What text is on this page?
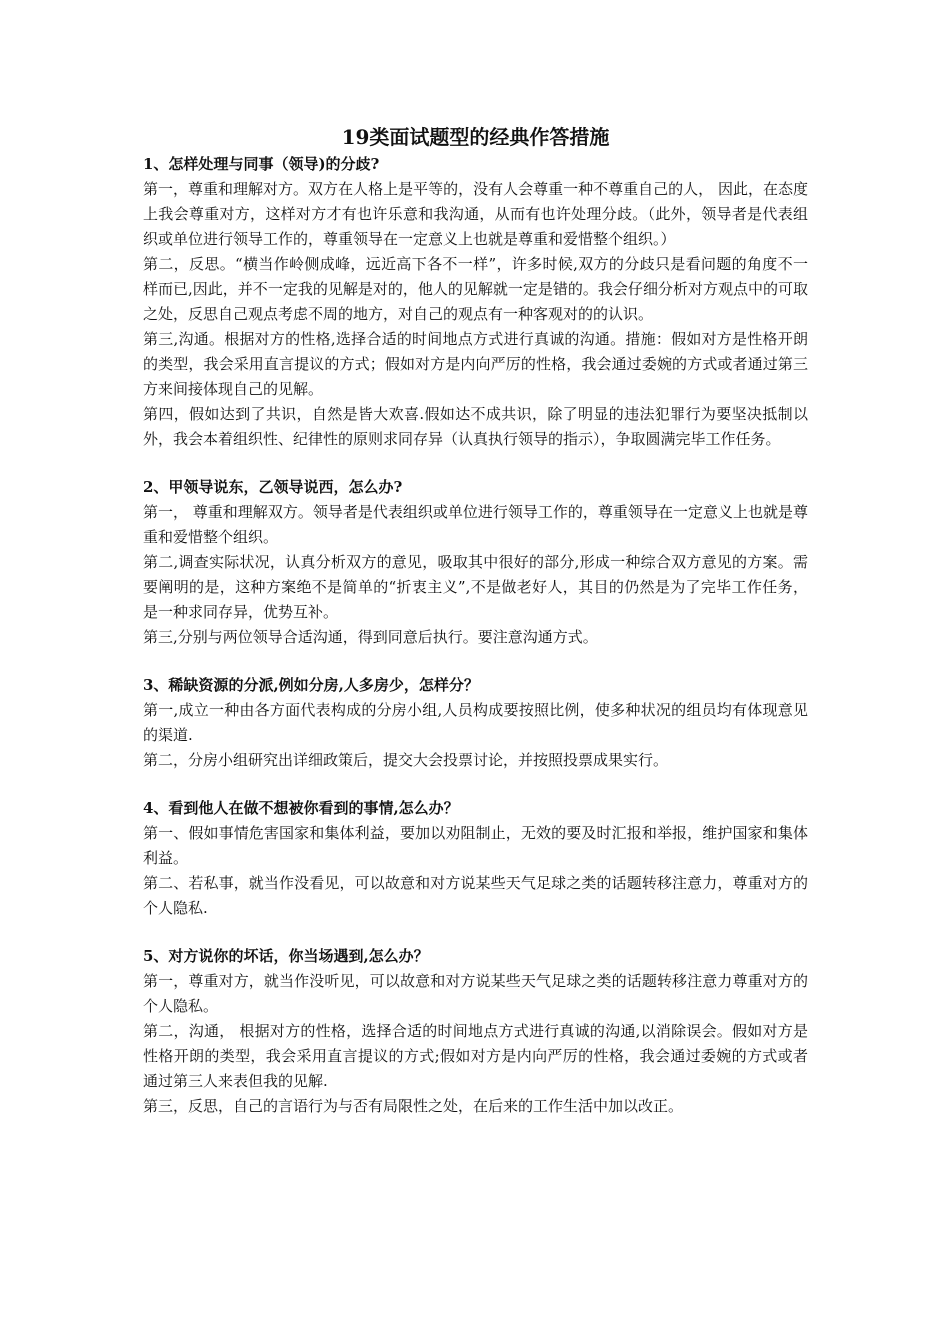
19类面试题型的经典作答措施

1、怎样处理与同事（领导)的分歧?

第一，尊重和理解对方。双方在人格上是平等的，没有人会尊重一种不尊重自己的人， 因此，在态度上我会尊重对方，这样对方才有也许乐意和我沟通，从而有也许处理分歧。（此外，领导者是代表组织或单位进行领导工作的，尊重领导在一定意义上也就是尊重和爱惜整个组织。）

第二，反思。“横当作岭侧成峰，远近高下各不一样”，许多时候,双方的分歧只是看问题的角度不一样而已,因此，并不一定我的见解是对的，他人的见解就一定是错的。我会仔细分析对方观点中的可取之处，反思自己观点考虑不周的地方，对自己的观点有一种客观对的的认识。

第三,沟通。根据对方的性格,选择合适的时间地点方式进行真诚的沟通。措施：假如对方是性格开朗的类型，我会采用直言提议的方式；假如对方是内向严厉的性格，我会通过委婉的方式或者通过第三方来间接体现自己的见解。

第四，假如达到了共识，自然是皆大欢喜.假如达不成共识，除了明显的违法犯罪行为要坚决抵制以外，我会本着组织性、纪律性的原则求同存异（认真执行领导的指示），争取圆满完毕工作任务。

2、甲领导说东，乙领导说西，怎么办?

第一， 尊重和理解双方。领导者是代表组织或单位进行领导工作的，尊重领导在一定意义上也就是尊重和爱惜整个组织。

第二,调查实际状况，认真分析双方的意见，吸取其中很好的部分,形成一种综合双方意见的方案。需要阐明的是，这种方案绝不是简单的“折衷主义”,不是做老好人，其目的仍然是为了完毕工作任务，是一种求同存异，优势互补。

第三,分别与两位领导合适沟通，得到同意后执行。要注意沟通方式。

3、稀缺资源的分派,例如分房,人多房少，怎样分？

第一,成立一种由各方面代表构成的分房小组,人员构成要按照比例，使多种状况的组员均有体现意见的渠道.

第二，分房小组研究出详细政策后，提交大会投票讨论，并按照投票成果实行。

4、看到他人在做不想被你看到的事情,怎么办？

第一、假如事情危害国家和集体利益，要加以劝阻制止，无效的要及时汇报和举报，维护国家和集体利益。

第二、若私事，就当作没看见，可以故意和对方说某些天气足球之类的话题转移注意力，尊重对方的个人隐私.

5、对方说你的坏话，你当场遇到,怎么办？

第一，尊重对方，就当作没听见，可以故意和对方说某些天气足球之类的话题转移注意力尊重对方的个人隐私。

第二，沟通， 根据对方的性格，选择合适的时间地点方式进行真诚的沟通,以消除误会。假如对方是性格开朗的类型，我会采用直言提议的方式;假如对方是内向严厉的性格，我会通过委婉的方式或者通过第三人来表但我的见解.

第三，反思，自己的言语行为与否有局限性之处，在后来的工作生活中加以改正。
